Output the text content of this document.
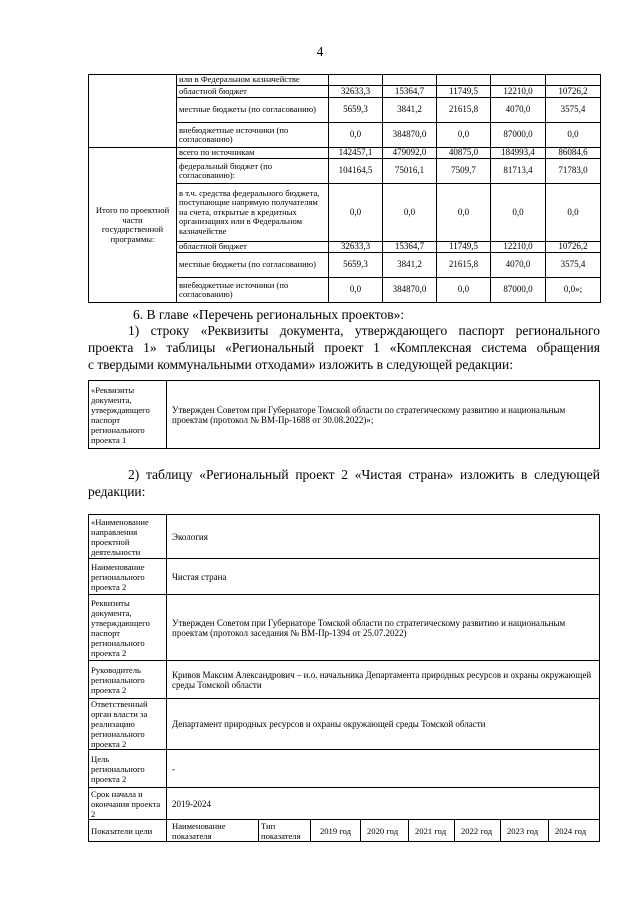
4
	или в Федеральном казначействе					
	областной бюджет	32633,3	15364,7	11749,5	12210,0	10726,2
	местные бюджеты (по согласованию)	5659,3	3841,2	21615,8	4070,0	3575,4
	внебюджетные источники (по согласованию)	0,0	384870,0	0,0	87000,0	0,0
Итого по проектной части государственной программы:	всего по источникам	142457,1	479092,0	40875,0	184993,4	86084,6
	федеральный бюджет (по согласованию):	104164,5	75016,1	7509,7	81713,4	71783,0
	в т.ч. средства федерального бюджета, поступающие напрямую получателям на счета, открытые в кредитных организациях или в Федеральном казначействе	0,0	0,0	0,0	0,0	0,0
	областной бюджет	32633,3	15364,7	11749,5	12210,0	10726,2
	местные бюджеты (по согласованию)	5659,3	3841,2	21615,8	4070,0	3575,4
	внебюджетные источники (по согласованию)	0,0	384870,0	0,0	87000,0	0,0»;
6. В главе «Перечень региональных проектов»:
1) строку «Реквизиты документа, утверждающего паспорт регионального
проекта 1» таблицы «Региональный проект 1 «Комплексная система обращения
с твердыми коммунальными отходами» изложить в следующей редакции:
«Реквизиты документа, утверждающего паспорт регионального проекта 1	Утвержден Советом при Губернаторе Томской области по стратегическому развитию и национальным проектам (протокол № ВМ-Пр-1688 от 30.08.2022)»;
2) таблицу «Региональный проект 2 «Чистая страна» изложить в следующей
редакции:
«Наименование направления проектной деятельности	Экология							
Наименование регионального проекта 2	Чистая страна							
Реквизиты документа, утверждающего паспорт регионального проекта 2	Утвержден Советом при Губернаторе Томской области по стратегическому развитию и национальным проектам (протокол заседания № ВМ-Пр-1394 от 25.07.2022)							
Руководитель регионального проекта 2	Кривов Максим Александрович – и.о. начальника Департамента природных ресурсов и охраны окружающей среды Томской области							
Ответственный орган власти за реализацию регионального проекта 2	Департамент природных ресурсов и охраны окружающей среды Томской области							
Цель регионального проекта 2	-							
Срок начала и окончания проекта 2	2019-2024							
Показатели цели	Наименование показателя	Тип показателя	2019 год	2020 год	2021 год	2022 год	2023 год	2024 год
